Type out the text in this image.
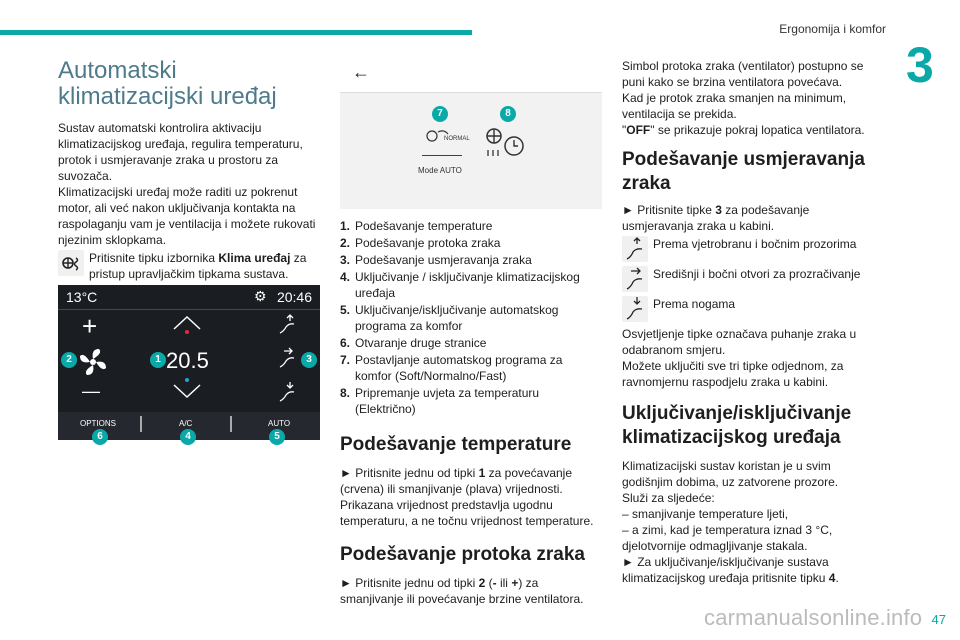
Ergonomija i komfor
3
47
carmanualsonline.info
Automatski klimatizacijski uređaj

Sustav automatski kontrolira aktivaciju klimatizacijskog uređaja, regulira temperaturu, protok i usmjeravanje zraka u prostoru za suvozača.

Klimatizacijski uređaj može raditi uz pokrenut motor, ali već nakon uključivanja kontakta na raspolaganju vam je ventilacija i možete rukovati njezinim sklopkama.

Pritisnite tipku izbornika Klima uređaj za pristup upravljačkim tipkama sustava.

13°C	⚙ 20:46
+
—
20.5
OPTIONS	A/C	AUTO
1
2	3
4	5
6
←
7	8
NORMAL
———
Mode AUTO
1. Podešavanje temperature
2. Podešavanje protoka zraka
3. Podešavanje usmjeravanja zraka
4. Uključivanje / isključivanje klimatizacijskog uređaja
5. Uključivanje/isključivanje automatskog programa za komfor
6. Otvaranje druge stranice
7. Postavljanje automatskog programa za komfor (Soft/Normalno/Fast)
8. Pripremanje uvjeta za temperaturu (Električno)
Podešavanje temperature

► Pritisnite jednu od tipki 1 za povećavanje (crvena) ili smanjivanje (plava) vrijednosti.

Prikazana vrijednost predstavlja ugodnu temperaturu, a ne točnu vrijednost temperature.

Podešavanje protoka zraka

► Pritisnite jednu od tipki 2 (- ili +) za smanjivanje ili povećavanje brzine ventilatora.

Simbol protoka zraka (ventilator) postupno se puni kako se brzina ventilatora povećava.

Kad je protok zraka smanjen na minimum, ventilacija se prekida.

"OFF" se prikazuje pokraj lopatica ventilatora.

Podešavanje usmjeravanja zraka

► Pritisnite tipke 3 za podešavanje usmjeravanja zraka u kabini.

Prema vjetrobranu i bočnim prozorima
Središnji i bočni otvori za prozračivanje
Prema nogama

Osvjetljenje tipke označava puhanje zraka u odabranom smjeru.

Možete uključiti sve tri tipke odjednom, za ravnomjernu raspodjelu zraka u kabini.

Uključivanje/isključivanje klimatizacijskog uređaja

Klimatizacijski sustav koristan je u svim godišnjim dobima, uz zatvorene prozore.

Služi za sljedeće:

– smanjivanje temperature ljeti,

– a zimi, kad je temperatura iznad 3 °C, djelotvornije odmagljivanje stakala.

► Za uključivanje/isključivanje sustava klimatizacijskog uređaja pritisnite tipku 4.
